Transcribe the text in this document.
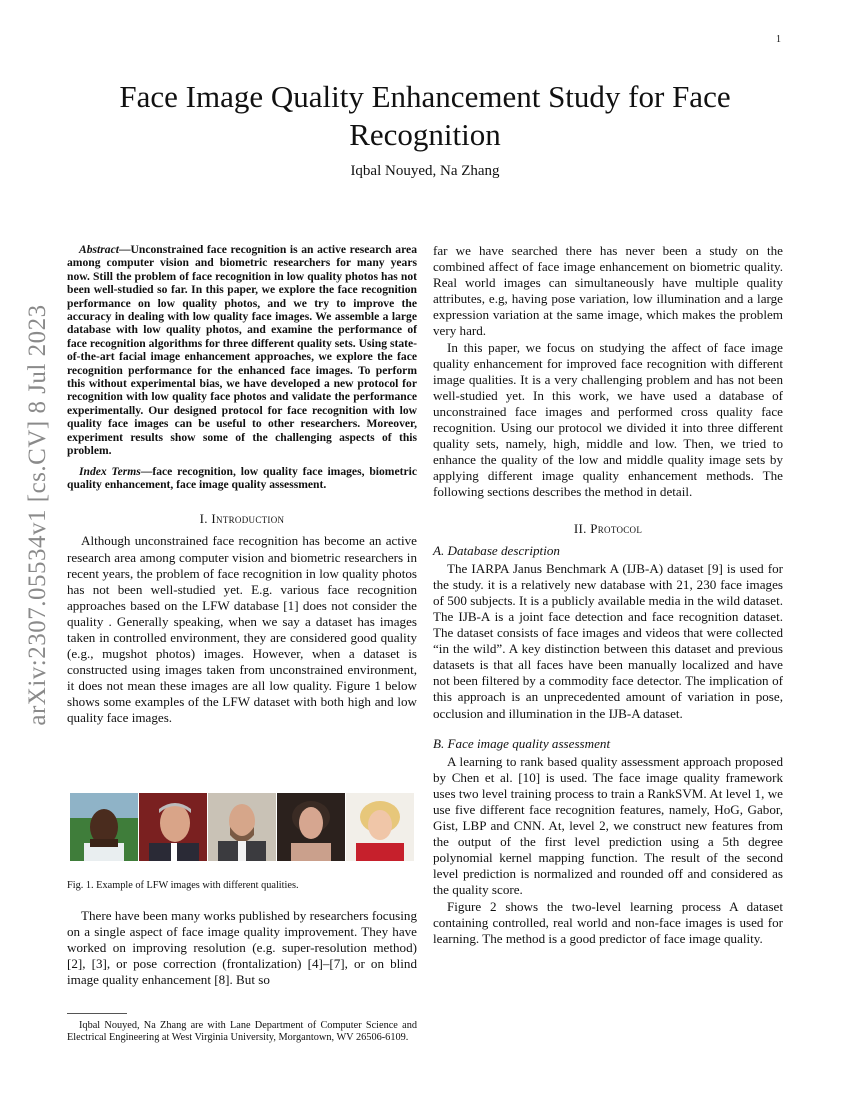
1
arXiv:2307.05534v1 [cs.CV] 8 Jul 2023
Face Image Quality Enhancement Study for Face Recognition
Iqbal Nouyed, Na Zhang

Abstract—Unconstrained face recognition is an active research area among computer vision and biometric researchers for many years now. Still the problem of face recognition in low quality photos has not been well-studied so far. In this paper, we explore the face recognition performance on low quality photos, and we try to improve the accuracy in dealing with low quality face images. We assemble a large database with low quality photos, and examine the performance of face recognition algorithms for three different quality sets. Using state-of-the-art facial image enhancement approaches, we explore the face recognition performance for the enhanced face images. To perform this without experimental bias, we have developed a new protocol for recognition with low quality face photos and validate the performance experimentally. Our designed protocol for face recognition with low quality face images can be useful to other researchers. Moreover, experiment results show some of the challenging aspects of this problem.

Index Terms—face recognition, low quality face images, biometric quality enhancement, face image quality assessment.

I. Introduction

Although unconstrained face recognition has become an active research area among computer vision and biometric researchers in recent years, the problem of face recognition in low quality photos has not been well-studied yet. E.g. various face recognition approaches based on the LFW database [1] does not consider the quality . Generally speaking, when we say a dataset has images taken in controlled environment, they are considered good quality (e.g., mugshot photos) images. However, when a dataset is constructed using images taken from unconstrained environment, it does not mean these images are all low quality. Figure 1 below shows some examples of the LFW dataset with both high and low quality face images.

Fig. 1. Example of LFW images with different qualities.

There have been many works published by researchers focusing on a single aspect of face image quality improvement. They have worked on improving resolution (e.g. super-resolution method) [2], [3], or pose correction (frontalization) [4]–[7], or on blind image quality enhancement [8]. But so

Iqbal Nouyed, Na Zhang are with Lane Department of Computer Science and Electrical Engineering at West Virginia University, Morgantown, WV 26506-6109.

far we have searched there has never been a study on the combined affect of face image enhancement on biometric quality. Real world images can simultaneously have multiple quality attributes, e.g, having pose variation, low illumination and a large expression variation at the same image, which makes the problem very hard.

In this paper, we focus on studying the affect of face image quality enhancement for improved face recognition with different image qualities. It is a very challenging problem and has not been well-studied yet. In this work, we have used a database of unconstrained face images and performed cross quality face recognition. Using our protocol we divided it into three different quality sets, namely, high, middle and low. Then, we tried to enhance the quality of the low and middle quality image sets by applying different image quality enhancement methods. The following sections describes the method in detail.

II. Protocol

A. Database description

The IARPA Janus Benchmark A (IJB-A) dataset [9] is used for the study. it is a relatively new database with 21, 230 face images of 500 subjects. It is a publicly available media in the wild dataset. The IJB-A is a joint face detection and face recognition dataset. The dataset consists of face images and videos that were collected “in the wild”. A key distinction between this dataset and previous datasets is that all faces have been manually localized and have not been filtered by a commodity face detector. The implication of this approach is an unprecedented amount of variation in pose, occlusion and illumination in the IJB-A dataset.

B. Face image quality assessment

A learning to rank based quality assessment approach proposed by Chen et al. [10] is used. The face image quality framework uses two level training process to train a RankSVM. At level 1, we use five different face recognition features, namely, HoG, Gabor, Gist, LBP and CNN. At, level 2, we construct new features from the output of the first level prediction using a 5th degree polynomial kernel mapping function. The result of the second level prediction is normalized and rounded off and considered as the quality score.

Figure 2 shows the two-level learning process A dataset containing controlled, real world and non-face images is used for learning. The method is a good predictor of face image quality.
